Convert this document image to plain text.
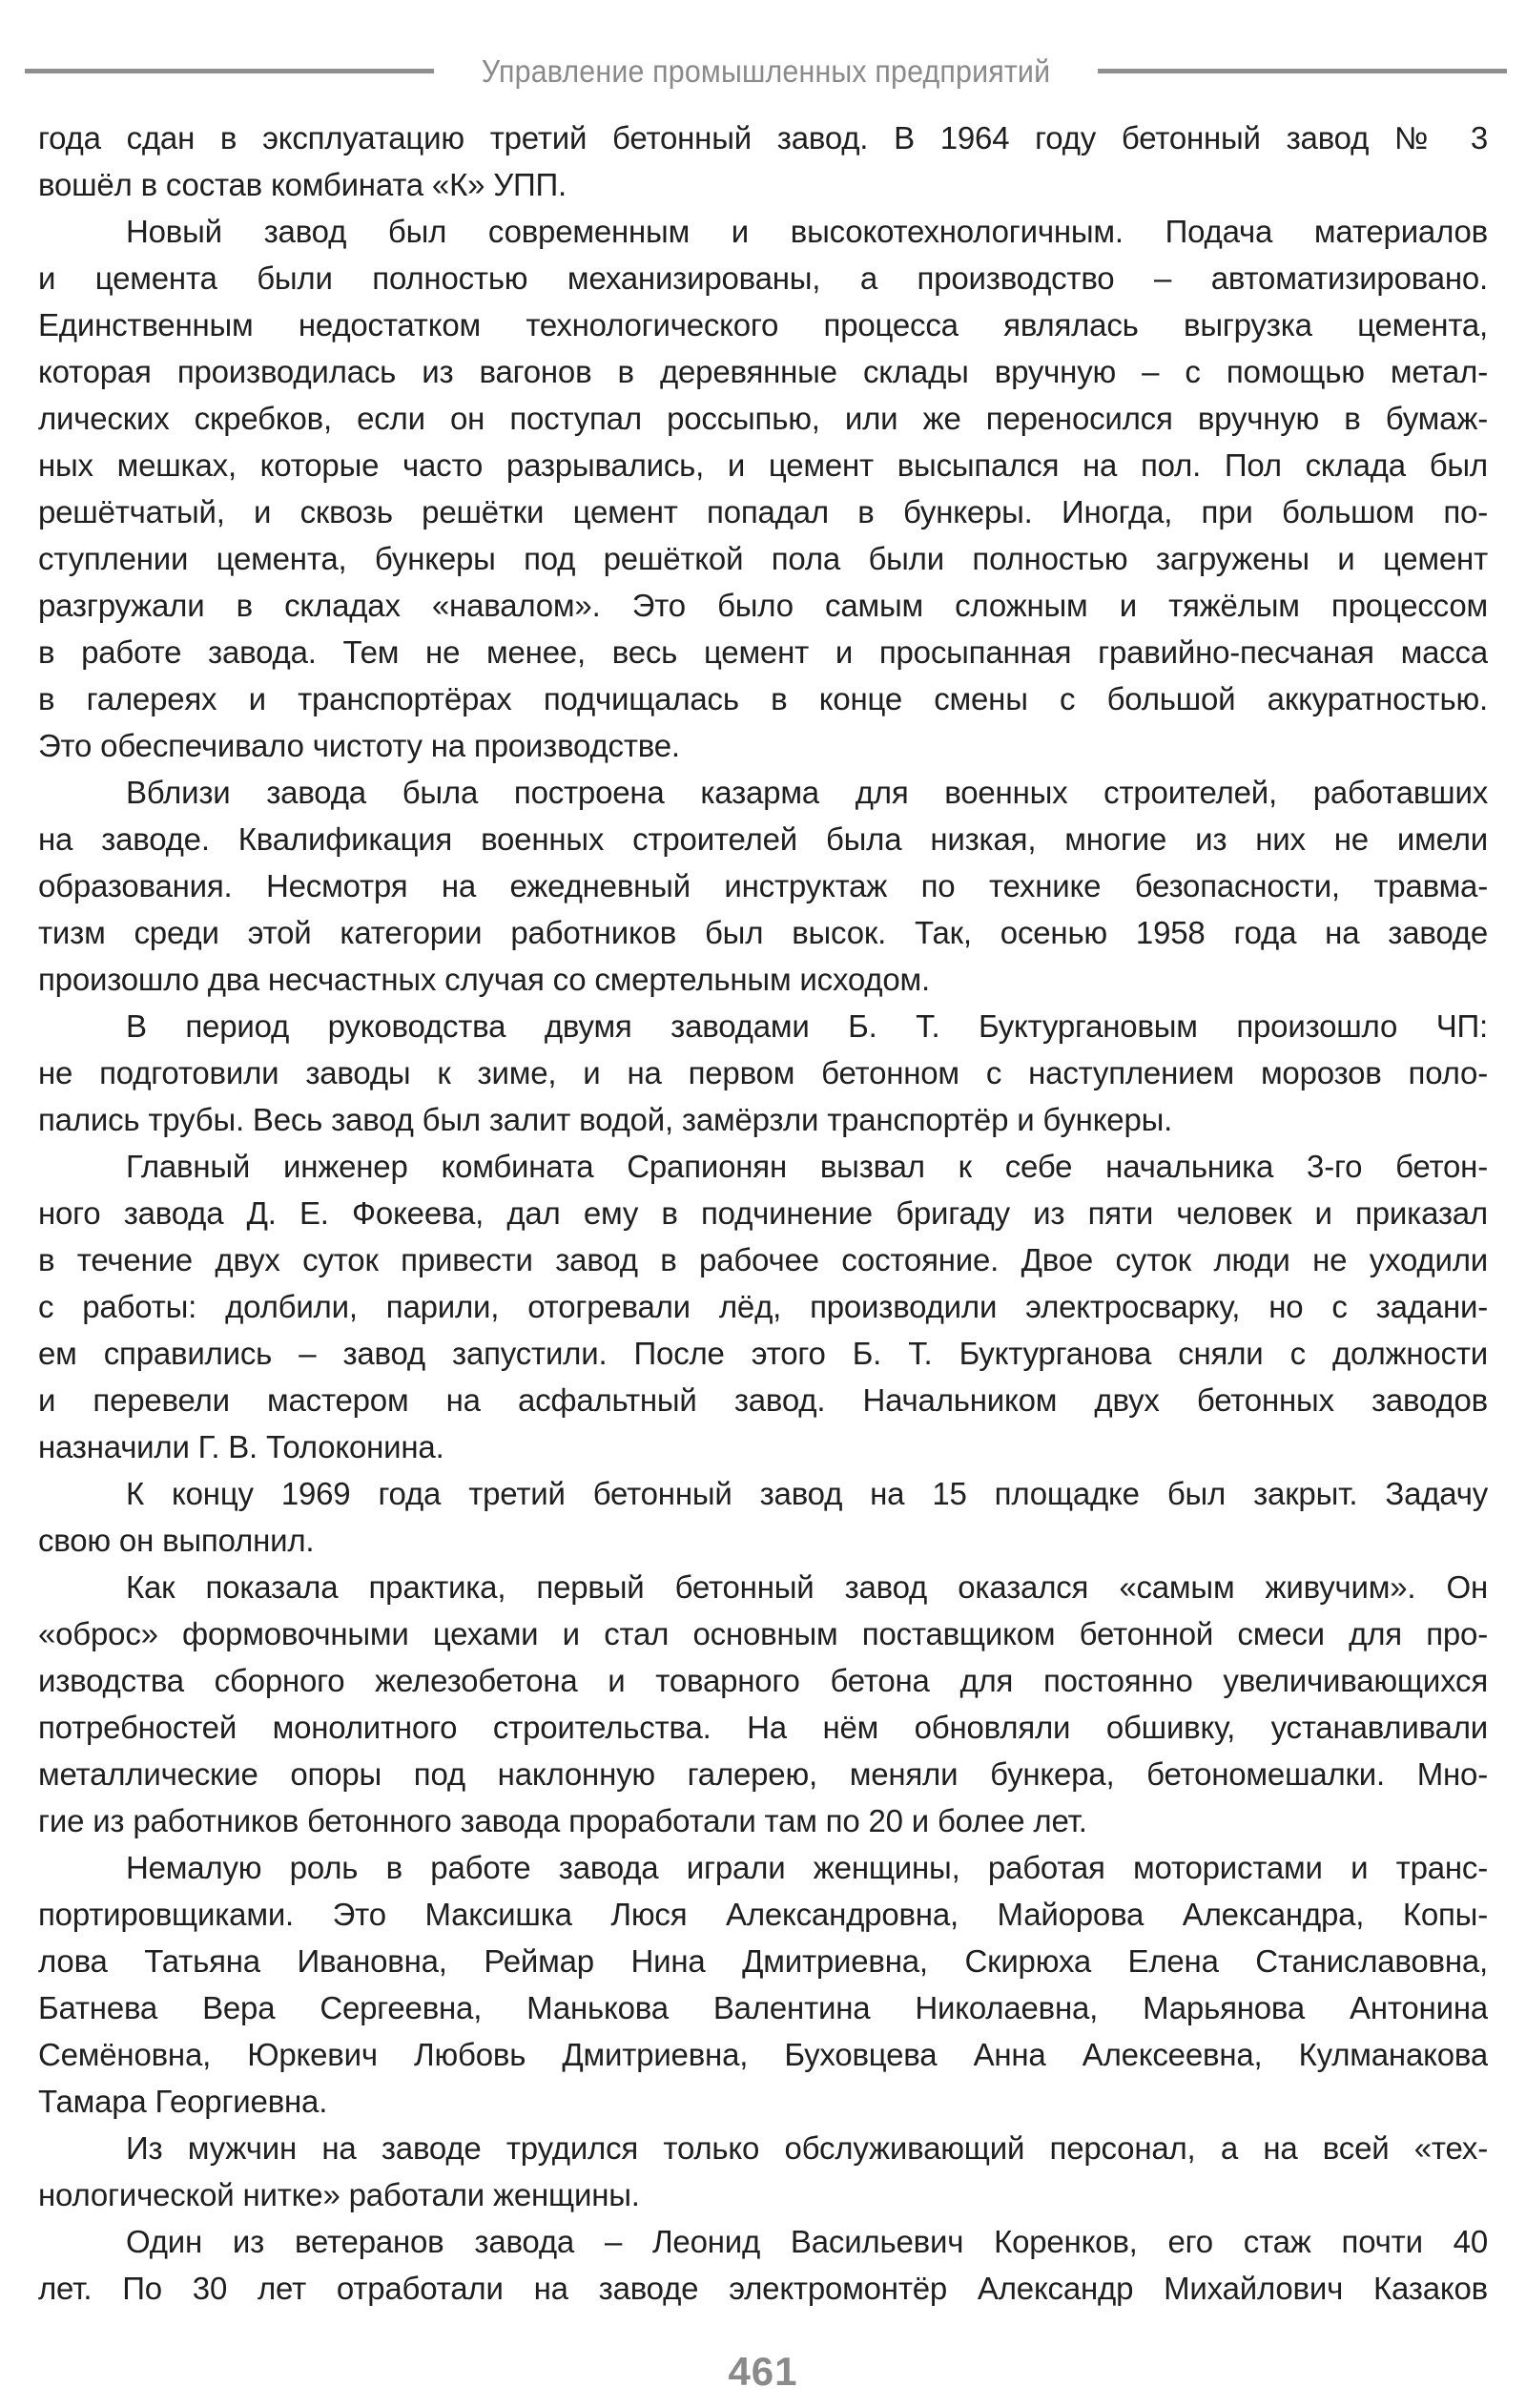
Управление промышленных предприятий
года сдан в эксплуатацию третий бетонный завод. В 1964 году бетонный завод № 3
вошёл в состав комбината «К» УПП.
Новый завод был современным и высокотехнологичным. Подача материалов
и цемента были полностью механизированы, а производство – автоматизировано.
Единственным недостатком технологического процесса являлась выгрузка цемента,
которая производилась из вагонов в деревянные склады вручную – с помощью метал-
лических скребков, если он поступал россыпью, или же переносился вручную в бумаж-
ных мешках, которые часто разрывались, и цемент высыпался на пол. Пол склада был
решётчатый, и сквозь решётки цемент попадал в бункеры. Иногда, при большом по-
ступлении цемента, бункеры под решёткой пола были полностью загружены и цемент
разгружали в складах «навалом». Это было самым сложным и тяжёлым процессом
в работе завода. Тем не менее, весь цемент и просыпанная гравийно-песчаная масса
в галереях и транспортёрах подчищалась в конце смены с большой аккуратностью.
Это обеспечивало чистоту на производстве.
Вблизи завода была построена казарма для военных строителей, работавших
на заводе. Квалификация военных строителей была низкая, многие из них не имели
образования. Несмотря на ежедневный инструктаж по технике безопасности, травма-
тизм среди этой категории работников был высок. Так, осенью 1958 года на заводе
произошло два несчастных случая со смертельным исходом.
В период руководства двумя заводами Б. Т. Буктургановым произошло ЧП:
не подготовили заводы к зиме, и на первом бетонном с наступлением морозов поло-
пались трубы. Весь завод был залит водой, замёрзли транспортёр и бункеры.
Главный инженер комбината Срапионян вызвал к себе начальника 3-го бетон-
ного завода Д. Е. Фокеева, дал ему в подчинение бригаду из пяти человек и приказал
в течение двух суток привести завод в рабочее состояние. Двое суток люди не уходили
с работы: долбили, парили, отогревали лёд, производили электросварку, но с задани-
ем справились – завод запустили. После этого Б. Т. Буктурганова сняли с должности
и перевели мастером на асфальтный завод. Начальником двух бетонных заводов
назначили Г. В. Толоконина.
К концу 1969 года третий бетонный завод на 15 площадке был закрыт. Задачу
свою он выполнил.
Как показала практика, первый бетонный завод оказался «самым живучим». Он
«оброс» формовочными цехами и стал основным поставщиком бетонной смеси для про-
изводства сборного железобетона и товарного бетона для постоянно увеличивающихся
потребностей монолитного строительства. На нём обновляли обшивку, устанавливали
металлические опоры под наклонную галерею, меняли бункера, бетономешалки. Мно-
гие из работников бетонного завода проработали там по 20 и более лет.
Немалую роль в работе завода играли женщины, работая мотористами и транс-
портировщиками. Это Максишка Люся Александровна, Майорова Александра, Копы-
лова Татьяна Ивановна, Реймар Нина Дмитриевна, Скирюха Елена Станиславовна,
Батнева Вера Сергеевна, Манькова Валентина Николаевна, Марьянова Антонина
Семёновна, Юркевич Любовь Дмитриевна, Буховцева Анна Алексеевна, Кулманакова
Тамара Георгиевна.
Из мужчин на заводе трудился только обслуживающий персонал, а на всей «тех-
нологической нитке» работали женщины.
Один из ветеранов завода – Леонид Васильевич Коренков, его стаж почти 40
лет. По 30 лет отработали на заводе электромонтёр Александр Михайлович Казаков
461
